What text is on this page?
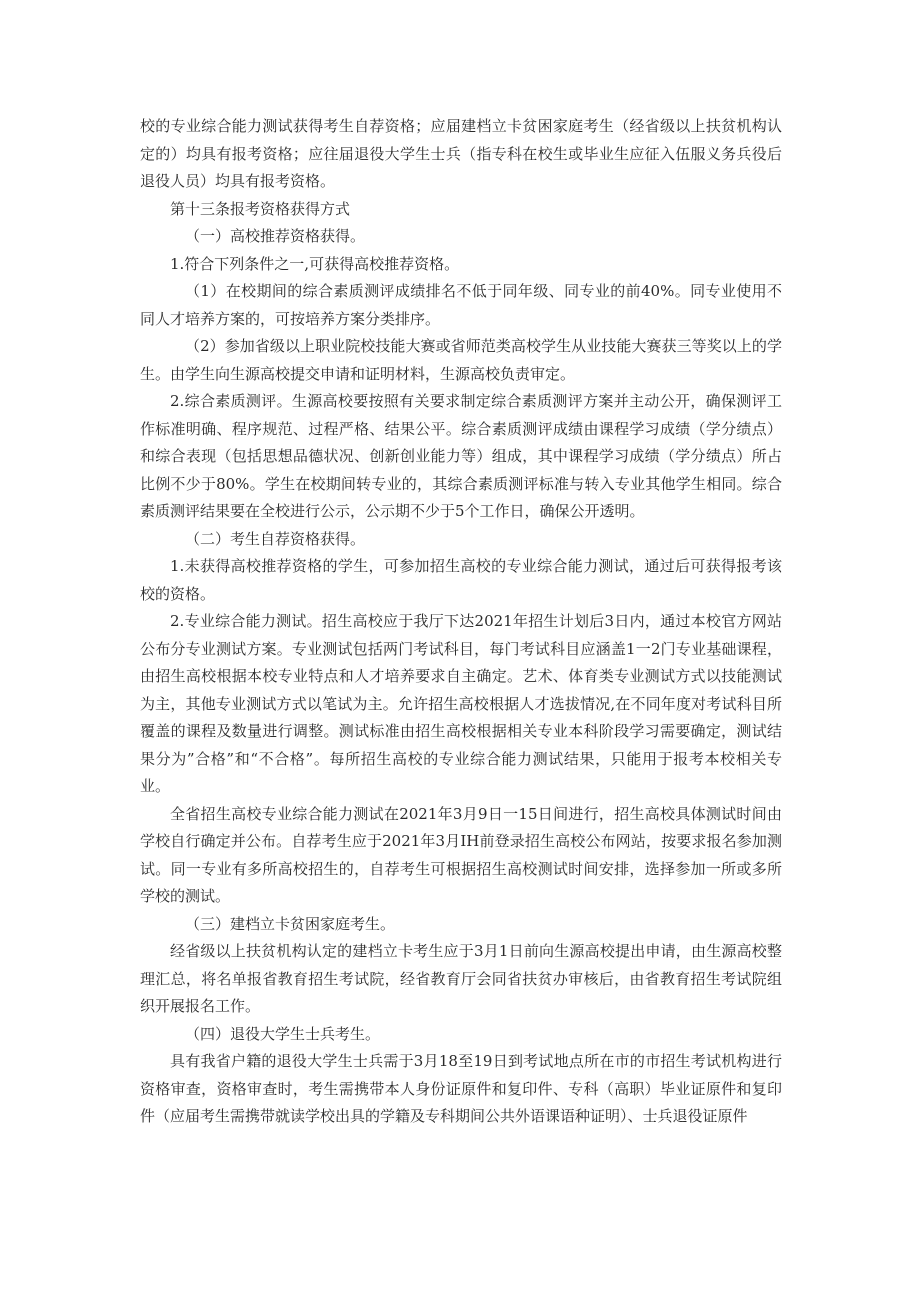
校的专业综合能力测试获得考生自荐资格；应届建档立卡贫困家庭考生（经省级以上扶贫机构认定的）均具有报考资格；应往届退役大学生士兵（指专科在校生或毕业生应征入伍服义务兵役后退役人员）均具有报考资格。

第十三条报考资格获得方式

（一）高校推荐资格获得。

1.符合下列条件之一,可获得高校推荐资格。

（1）在校期间的综合素质测评成绩排名不低于同年级、同专业的前40%。同专业使用不同人才培养方案的，可按培养方案分类排序。

（2）参加省级以上职业院校技能大赛或省师范类高校学生从业技能大赛获三等奖以上的学生。由学生向生源高校提交申请和证明材料，生源高校负责审定。

2.综合素质测评。生源高校要按照有关要求制定综合素质测评方案并主动公开，确保测评工作标准明确、程序规范、过程严格、结果公平。综合素质测评成绩由课程学习成绩（学分绩点）和综合表现（包括思想品德状况、创新创业能力等）组成，其中课程学习成绩（学分绩点）所占比例不少于80%。学生在校期间转专业的，其综合素质测评标准与转入专业其他学生相同。综合素质测评结果要在全校进行公示，公示期不少于5个工作日，确保公开透明。

（二）考生自荐资格获得。

1.未获得高校推荐资格的学生，可参加招生高校的专业综合能力测试，通过后可获得报考该校的资格。

2.专业综合能力测试。招生高校应于我厅下达2021年招生计划后3日内，通过本校官方网站公布分专业测试方案。专业测试包括两门考试科目，每门考试科目应涵盖1一2门专业基础课程，由招生高校根据本校专业特点和人才培养要求自主确定。艺术、体育类专业测试方式以技能测试为主，其他专业测试方式以笔试为主。允许招生高校根据人才选拔情况,在不同年度对考试科目所覆盖的课程及数量进行调整。测试标准由招生高校根据相关专业本科阶段学习需要确定，测试结果分为”合格”和“不合格”。每所招生高校的专业综合能力测试结果，只能用于报考本校相关专业。

全省招生高校专业综合能力测试在2021年3月9日一15日间进行，招生高校具体测试时间由学校自行确定并公布。自荐考生应于2021年3月IH前登录招生高校公布网站，按要求报名参加测试。同一专业有多所高校招生的，自荐考生可根据招生高校测试时间安排，选择参加一所或多所学校的测试。

（三）建档立卡贫困家庭考生。

经省级以上扶贫机构认定的建档立卡考生应于3月1日前向生源高校提出申请，由生源高校整理汇总，将名单报省教育招生考试院，经省教育厅会同省扶贫办审核后，由省教育招生考试院组织开展报名工作。

（四）退役大学生士兵考生。

具有我省户籍的退役大学生士兵需于3月18至19日到考试地点所在市的市招生考试机构进行资格审查，资格审查时，考生需携带本人身份证原件和复印件、专科（高职）毕业证原件和复印件（应届考生需携带就读学校出具的学籍及专科期间公共外语课语种证明）、士兵退役证原件
